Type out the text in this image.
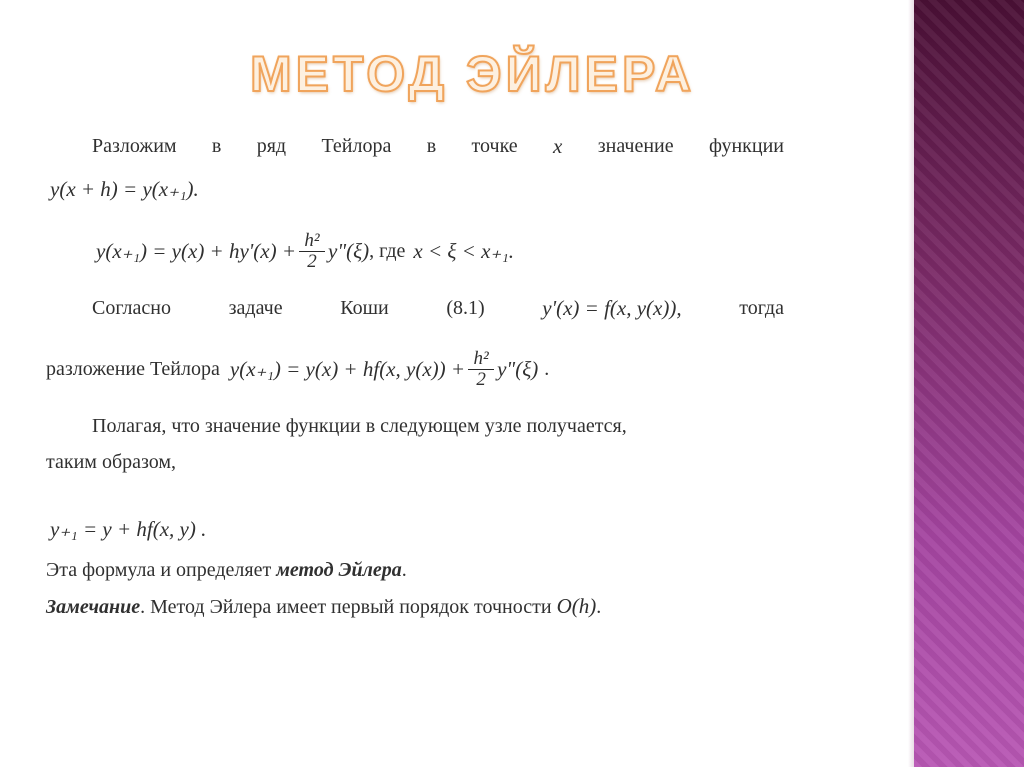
МЕТОД ЭЙЛЕРА
Разложим в ряд Тейлора в точке x значение функции
y(x + h) = y(x₊₁).
$y(x_{+1}) = y(x) + hy'(x) + \frac{\text{h²}}{2}$ y"(ξ) , где x < ξ < x₊₁.
Согласно	задаче	Коши	(8.1)	y'(x) = f(x, y(x)),	тогда
разложение Тейлора y(x₊₁) = y(x) + hf(x, $y(x)) + \frac{\text{h²}}{2}$ y"(ξ) .
Полагая, что значение функции в следующем узле получается,
таким образом,
y₊₁ = y + hf(x, y) .
Эта формула и определяет метод Эйлера.
Замечание. Метод Эйлера имеет первый порядок точности O(h).
